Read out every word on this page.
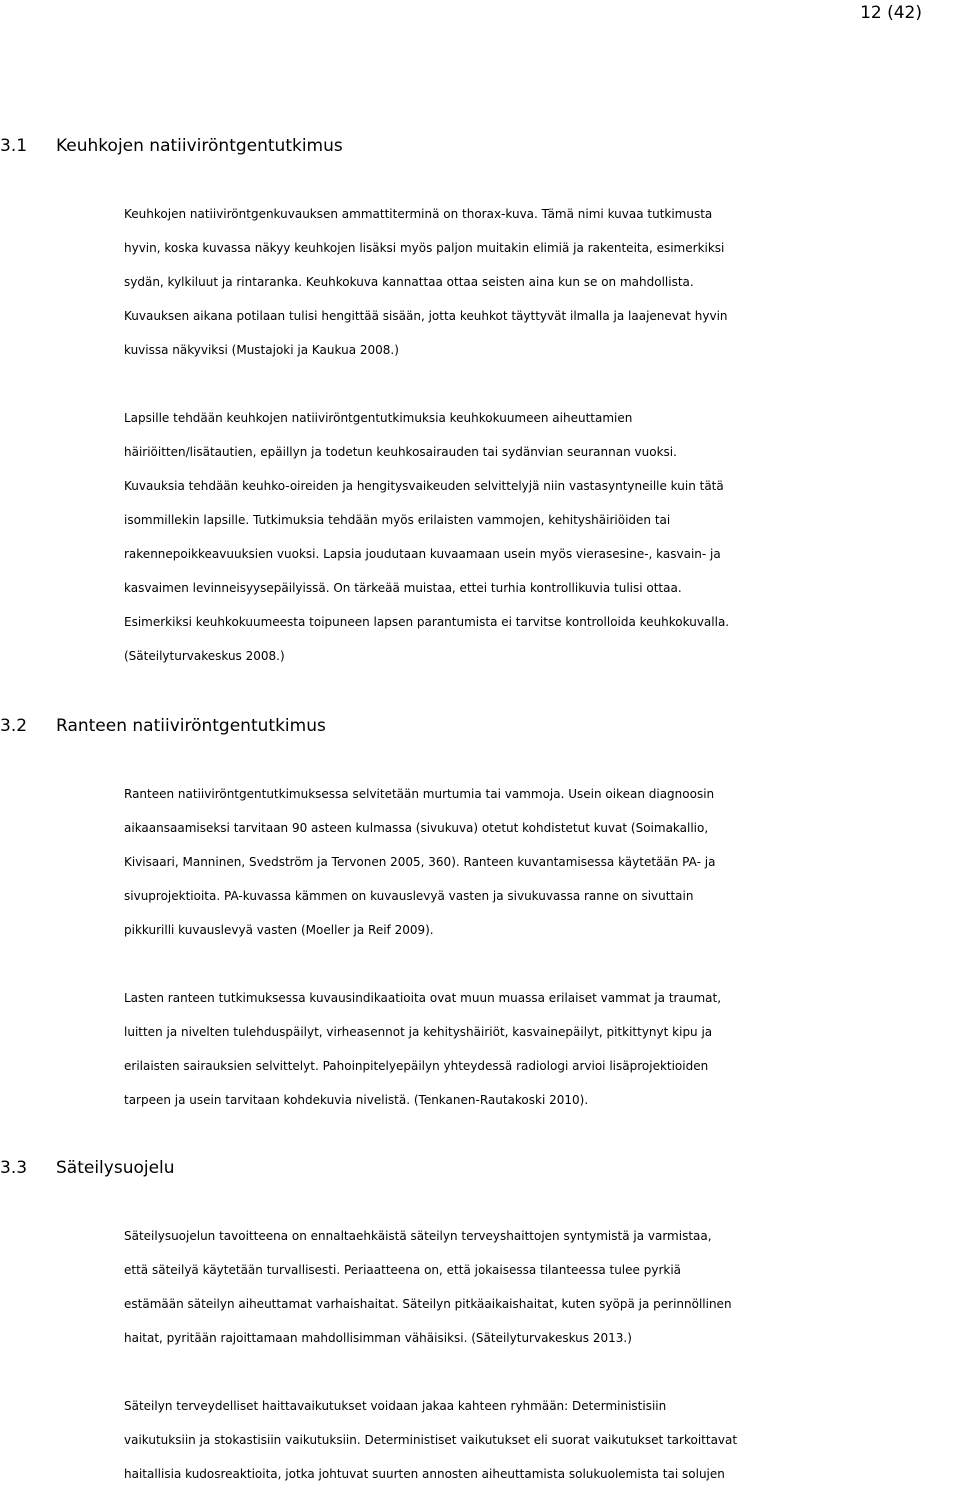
12 (42)
3.1 Keuhkojen natiiviröntgentutkimus
Keuhkojen natiiviröntgenkuvauksen ammattiterminä on thorax-kuva. Tämä nimi kuvaa tutkimusta
hyvin, koska kuvassa näkyy keuhkojen lisäksi myös paljon muitakin elimiä ja rakenteita, esimerkiksi
sydän, kylkiluut ja rintaranka. Keuhkokuva kannattaa ottaa seisten aina kun se on mahdollista.
Kuvauksen aikana potilaan tulisi hengittää sisään, jotta keuhkot täyttyvät ilmalla ja laajenevat hyvin
kuvissa näkyviksi (Mustajoki ja Kaukua 2008.)
Lapsille tehdään keuhkojen natiiviröntgentutkimuksia keuhkokuumeen aiheuttamien
häiriöitten/lisätautien, epäillyn ja todetun keuhkosairauden tai sydänvian seurannan vuoksi.
Kuvauksia tehdään keuhko-oireiden ja hengitysvaikeuden selvittelyjä niin vastasyntyneille kuin tätä
isommillekin lapsille. Tutkimuksia tehdään myös erilaisten vammojen, kehityshäiriöiden tai
rakennepoikkeavuuksien vuoksi. Lapsia joudutaan kuvaamaan usein myös vierasesine-, kasvain- ja
kasvaimen levinneisyysepäilyissä. On tärkeää muistaa, ettei turhia kontrollikuvia tulisi ottaa.
Esimerkiksi keuhkokuumeesta toipuneen lapsen parantumista ei tarvitse kontrolloida keuhkokuvalla.
(Säteilyturvakeskus 2008.)
3.2 Ranteen natiiviröntgentutkimus
Ranteen natiiviröntgentutkimuksessa selvitetään murtumia tai vammoja. Usein oikean diagnoosin
aikaansaamiseksi tarvitaan 90 asteen kulmassa (sivukuva) otetut kohdistetut kuvat (Soimakallio,
Kivisaari, Manninen, Svedström ja Tervonen 2005, 360). Ranteen kuvantamisessa käytetään PA- ja
sivuprojektioita. PA-kuvassa kämmen on kuvauslevyä vasten ja sivukuvassa ranne on sivuttain
pikkurilli kuvauslevyä vasten (Moeller ja Reif 2009).
Lasten ranteen tutkimuksessa kuvausindikaatioita ovat muun muassa erilaiset vammat ja traumat,
luitten ja nivelten tulehduspäilyt, virheasennot ja kehityshäiriöt, kasvainepäilyt, pitkittynyt kipu ja
erilaisten sairauksien selvittelyt. Pahoinpitelyepäilyn yhteydessä radiologi arvioi lisäprojektioiden
tarpeen ja usein tarvitaan kohdekuvia nivelistä. (Tenkanen-Rautakoski 2010).
3.3 Säteilysuojelu
Säteilysuojelun tavoitteena on ennaltaehkäistä säteilyn terveyshaittojen syntymistä ja varmistaa,
että säteilyä käytetään turvallisesti. Periaatteena on, että jokaisessa tilanteessa tulee pyrkiä
estämään säteilyn aiheuttamat varhaishaitat. Säteilyn pitkäaikaishaitat, kuten syöpä ja perinnöllinen
haitat, pyritään rajoittamaan mahdollisimman vähäisiksi. (Säteilyturvakeskus 2013.)
Säteilyn terveydelliset haittavaikutukset voidaan jakaa kahteen ryhmään: Deterministisiin
vaikutuksiin ja stokastisiin vaikutuksiin. Deterministiset vaikutukset eli suorat vaikutukset tarkoittavat
haitallisia kudosreaktioita, jotka johtuvat suurten annosten aiheuttamista solukuolemista tai solujen
